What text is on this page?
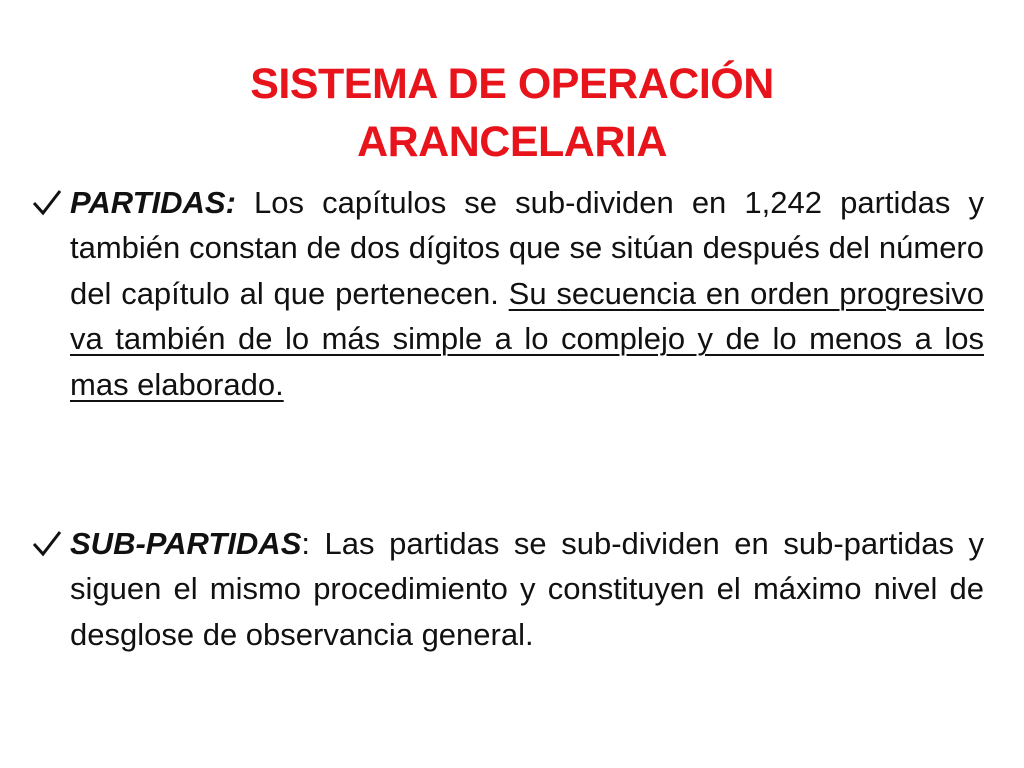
SISTEMA DE OPERACIÓN
ARANCELARIA
PARTIDAS: Los capítulos se sub-dividen en 1,242 partidas y también constan de dos dígitos que se sitúan después del número del capítulo al que pertenecen. Su secuencia en orden progresivo va también de lo más simple a lo complejo y de lo menos a los mas elaborado.
SUB-PARTIDAS: Las partidas se sub-dividen en sub-partidas y siguen el mismo procedimiento y constituyen el máximo nivel de desglose de observancia general.
